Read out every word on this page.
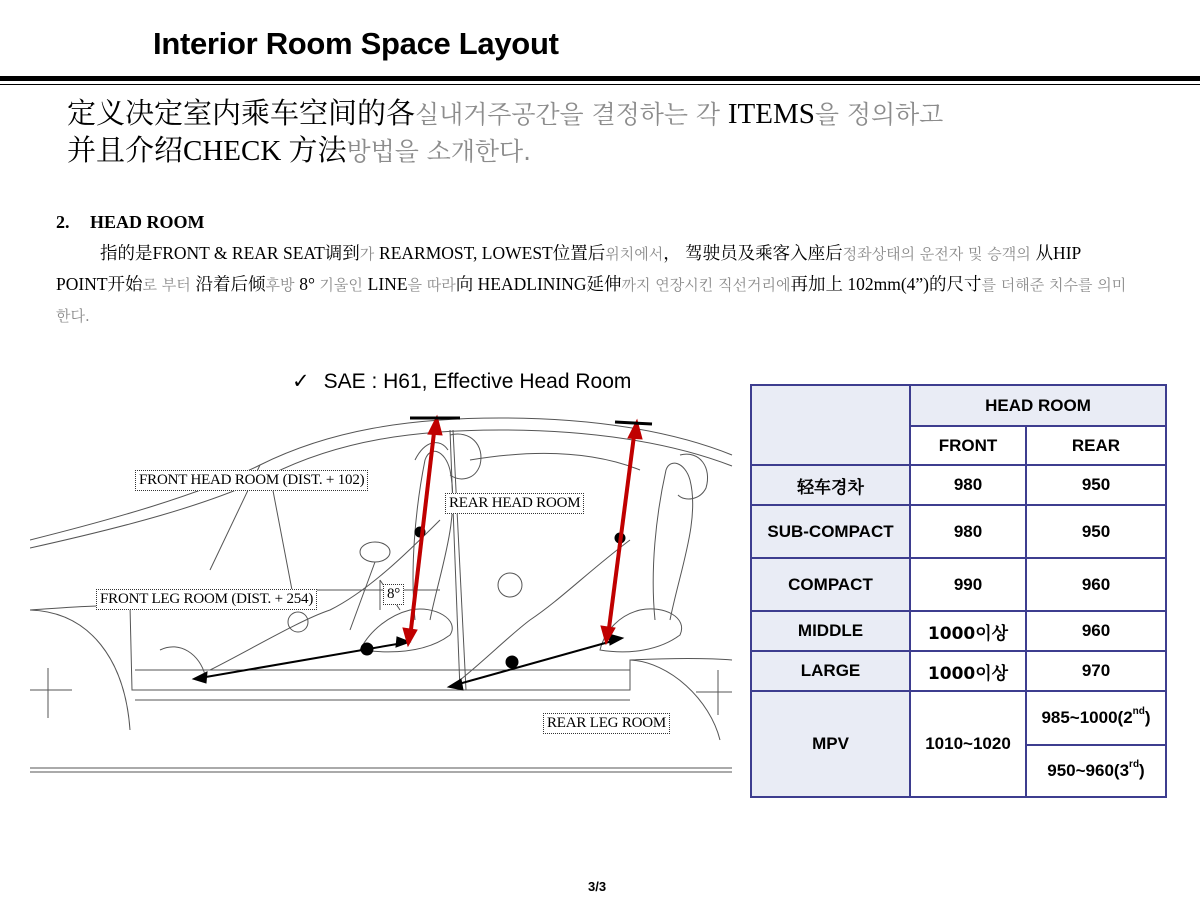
Interior Room Space Layout
定义决定室内乘车空间的各실내거주공간을 결정하는 각 ITEMS을 정의하고
并且介绍CHECK 方法방법을 소개한다.
2. HEAD ROOM
指的是FRONT & REAR SEAT调到가 REARMOST, LOWEST位置后위치에서， 驾驶员及乘客入座后정좌상태의 운전자 및 승객의 从HIP POINT开始로 부터 沿着后倾후방 8° 기울인 LINE을 따라向 HEADLINING延伸까지 연장시킨 직선거리에再加上 102mm(4”)的尺寸를 더해준 치수를 의미한다.
✓ SAE : H61, Effective Head Room
FRONT HEAD ROOM (DIST. + 102)
REAR HEAD ROOM
FRONT LEG ROOM (DIST. + 254)
REAR LEG ROOM
8°
	HEAD ROOM	
	FRONT	REAR
轻车경차	980	950
SUB-COMPACT	980	950
COMPACT	990	960
MIDDLE	1000이상	960
LARGE	1000이상	970
MPV	1010~1020	985~1000(2nd)
		950~960(3rd)
3/3
